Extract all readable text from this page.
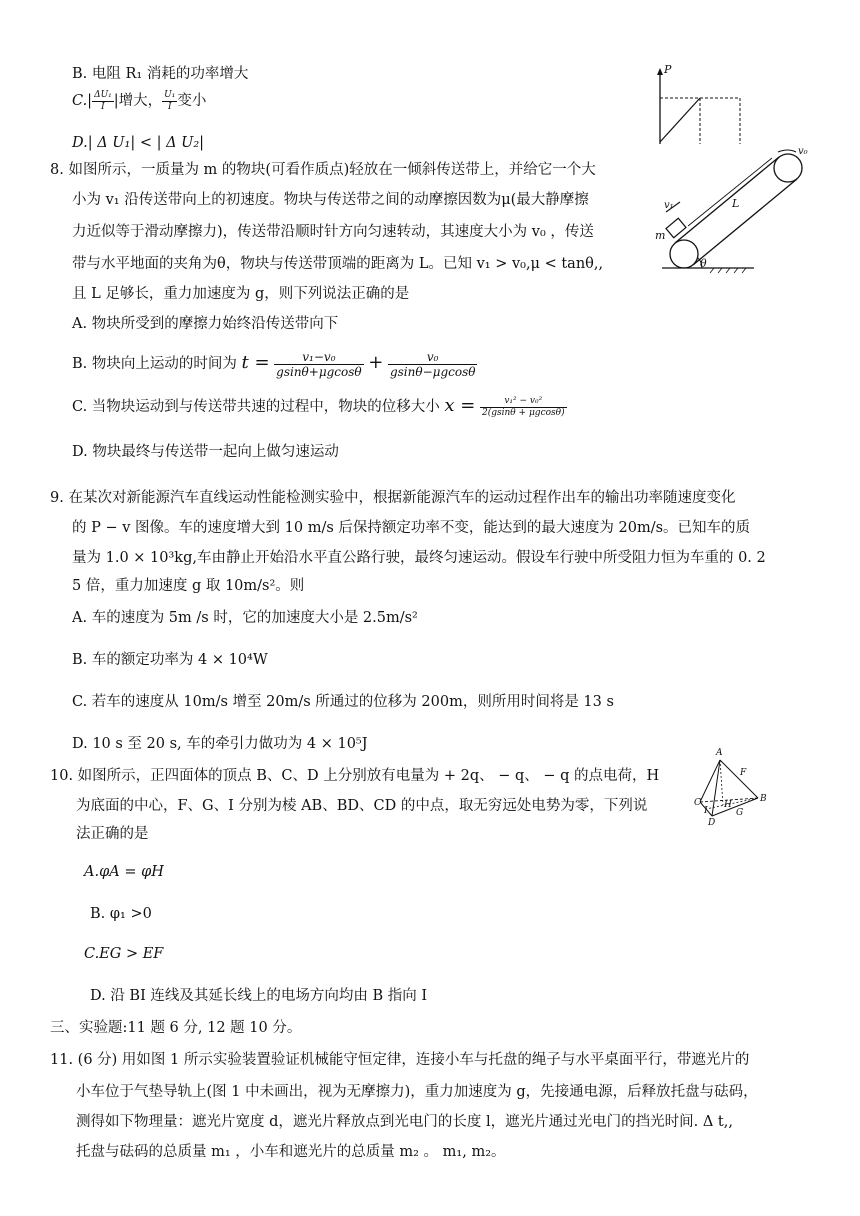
B. 电阻 R₁ 消耗的功率增大
$C.| \frac{\text{ΔU₁}}{I}$ |增大， $\frac{\text{U₁}}{I}$ 变小
D.| Δ U₁| < | Δ U₂|
P
8. 如图所示，一质量为 m 的物块(可看作质点)轻放在一倾斜传送带上，并给它一个大
小为 v₁ 沿传送带向上的初速度。物块与传送带之间的动摩擦因数为μ(最大静摩擦
力近似等于滑动摩擦力)，传送带沿顺时针方向匀速转动，其速度大小为 v₀ ，传送
带与水平地面的夹角为θ，物块与传送带顶端的距离为 L。已知 v₁ > v₀,μ < tanθ,,
且 L 足够长，重力加速度为 g，则下列说法正确的是
A. 物块所受到的摩擦力始终沿传送带向下
B. 物块向上运动的时间为 $t = \frac{\text{v₁−v₀}}{gsin\theta+\mu gcos\theta} + \frac{\text{v₀}}{gsin\theta-\mu gcos\theta}$
C. 当物块运动到与传送带共速的过程中，物块的位移大小 $x = \frac{\text{v₁² − v₀²}}{2(gsin\theta + \mu gcos\theta)}$
D. 物块最终与传送带一起向上做匀速运动
v₀
v₁
m
L
θ
9. 在某次对新能源汽车直线运动性能检测实验中，根据新能源汽车的运动过程作出车的输出功率随速度变化
的 P − v 图像。车的速度增大到 10 m/s 后保持额定功率不变，能达到的最大速度为 20m/s。已知车的质
量为 1.0 × 10³kg,车由静止开始沿水平直公路行驶，最终匀速运动。假设车行驶中所受阻力恒为车重的 0. 2
5 倍，重力加速度 g 取 10m/s²。则
A. 车的速度为 5m /s 时，它的加速度大小是 2.5m/s²
B. 车的额定功率为 4 × 10⁴W
C. 若车的速度从 10m/s 增至 20m/s 所通过的位移为 200m，则所用时间将是 13 s
D. 10 s 至 20 s, 车的牵引力做功为 4 × 10⁵J
10. 如图所示，正四面体的顶点 B、C、D 上分别放有电量为 + 2q、 − q、 − q 的点电荷，H
为底面的中心，F、G、I 分别为棱 AB、BD、CD 的中点，取无穷远处电势为零，下列说
法正确的是
A.φA = φH
B. φ₁ >0
C.EG > EF
D. 沿 BI 连线及其延长线上的电场方向均由 B 指向 I
A
F
B
C	H
I	G
D
三、实验题:11 题 6 分, 12 题 10 分。
11. (6 分) 用如图 1 所示实验装置验证机械能守恒定律，连接小车与托盘的绳子与水平桌面平行，带遮光片的
小车位于气垫导轨上(图 1 中未画出，视为无摩擦力)，重力加速度为 g，先接通电源，后释放托盘与砝码，
测得如下物理量：遮光片宽度 d，遮光片释放点到光电门的长度 l，遮光片通过光电门的挡光时间. Δ t,,
托盘与砝码的总质量 m₁ ，小车和遮光片的总质量 m₂ 。 m₁, m₂。
